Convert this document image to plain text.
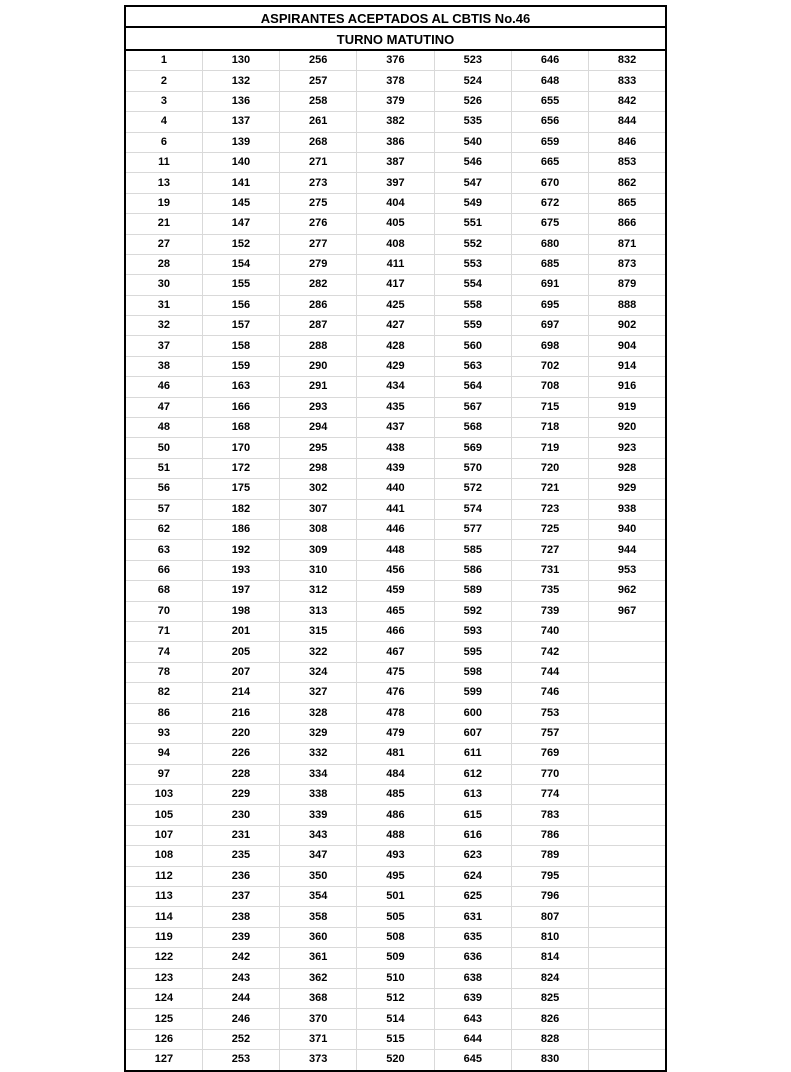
ASPIRANTES ACEPTADOS AL CBTIS No.46
TURNO MATUTINO
1	130	256	376	523	646	832
2	132	257	378	524	648	833
3	136	258	379	526	655	842
4	137	261	382	535	656	844
6	139	268	386	540	659	846
11	140	271	387	546	665	853
13	141	273	397	547	670	862
19	145	275	404	549	672	865
21	147	276	405	551	675	866
27	152	277	408	552	680	871
28	154	279	411	553	685	873
30	155	282	417	554	691	879
31	156	286	425	558	695	888
32	157	287	427	559	697	902
37	158	288	428	560	698	904
38	159	290	429	563	702	914
46	163	291	434	564	708	916
47	166	293	435	567	715	919
48	168	294	437	568	718	920
50	170	295	438	569	719	923
51	172	298	439	570	720	928
56	175	302	440	572	721	929
57	182	307	441	574	723	938
62	186	308	446	577	725	940
63	192	309	448	585	727	944
66	193	310	456	586	731	953
68	197	312	459	589	735	962
70	198	313	465	592	739	967
71	201	315	466	593	740	
74	205	322	467	595	742	
78	207	324	475	598	744	
82	214	327	476	599	746	
86	216	328	478	600	753	
93	220	329	479	607	757	
94	226	332	481	611	769	
97	228	334	484	612	770	
103	229	338	485	613	774	
105	230	339	486	615	783	
107	231	343	488	616	786	
108	235	347	493	623	789	
112	236	350	495	624	795	
113	237	354	501	625	796	
114	238	358	505	631	807	
119	239	360	508	635	810	
122	242	361	509	636	814	
123	243	362	510	638	824	
124	244	368	512	639	825	
125	246	370	514	643	826	
126	252	371	515	644	828	
127	253	373	520	645	830	
